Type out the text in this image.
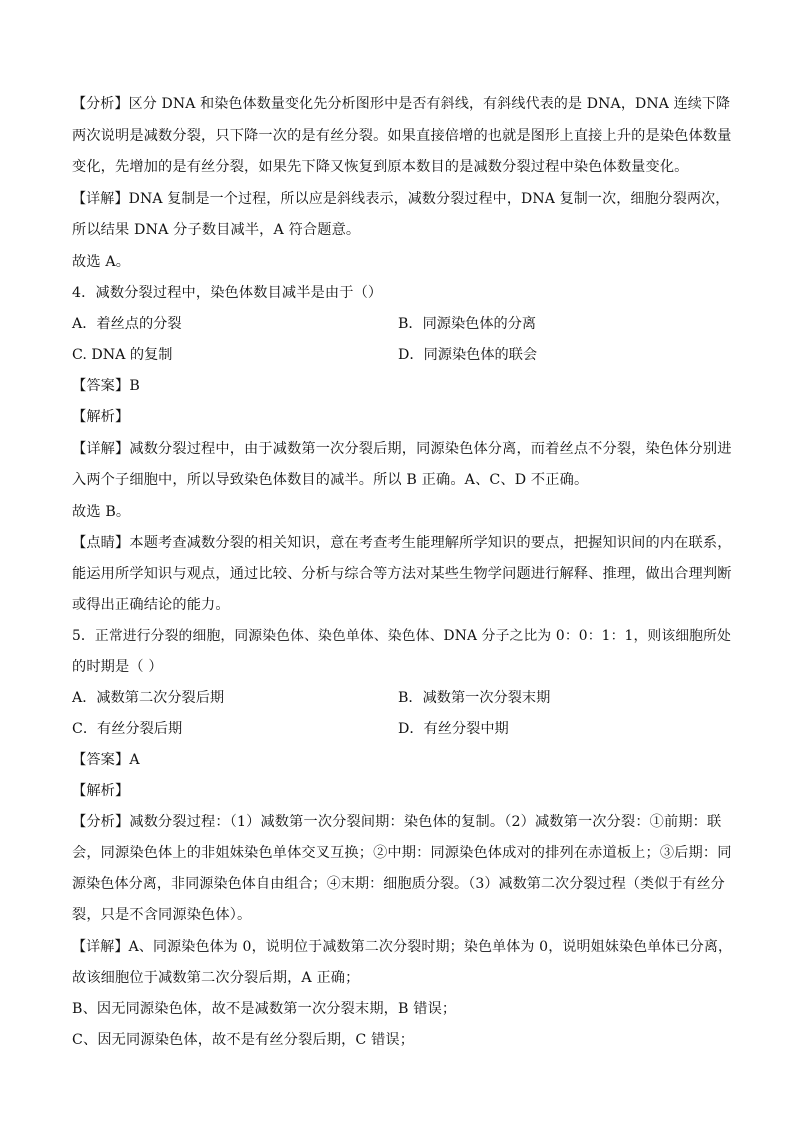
【分析】区分 DNA 和染色体数量变化先分析图形中是否有斜线，有斜线代表的是 DNA，DNA 连续下降
两次说明是减数分裂，只下降一次的是有丝分裂。如果直接倍增的也就是图形上直接上升的是染色体数量
变化，先增加的是有丝分裂，如果先下降又恢复到原本数目的是减数分裂过程中染色体数量变化。
【详解】DNA 复制是一个过程，所以应是斜线表示，减数分裂过程中，DNA 复制一次，细胞分裂两次，
所以结果 DNA 分子数目减半，A 符合题意。
故选 A。
4．减数分裂过程中，染色体数目减半是由于（）
A．着丝点的分裂	B．同源染色体的分离
C. DNA 的复制	D．同源染色体的联会
【答案】B
【解析】
【详解】减数分裂过程中，由于减数第一次分裂后期，同源染色体分离，而着丝点不分裂，染色体分别进
入两个子细胞中，所以导致染色体数目的减半。所以 B 正确。A、C、D 不正确。
故选 B。
【点睛】本题考查减数分裂的相关知识，意在考查考生能理解所学知识的要点，把握知识间的内在联系，
能运用所学知识与观点，通过比较、分析与综合等方法对某些生物学问题进行解释、推理，做出合理判断
或得出正确结论的能力。
5．正常进行分裂的细胞，同源染色体、染色单体、染色体、DNA 分子之比为 0：0：1：1，则该细胞所处
的时期是（ ）
A．减数第二次分裂后期	B．减数第一次分裂末期
C．有丝分裂后期	D．有丝分裂中期
【答案】A
【解析】
【分析】减数分裂过程：（1）减数第一次分裂间期：染色体的复制。（2）减数第一次分裂：①前期：联
会，同源染色体上的非姐妹染色单体交叉互换；②中期：同源染色体成对的排列在赤道板上；③后期：同
源染色体分离，非同源染色体自由组合；④末期：细胞质分裂。（3）减数第二次分裂过程（类似于有丝分
裂，只是不含同源染色体）。
【详解】A、同源染色体为 0，说明位于减数第二次分裂时期；染色单体为 0，说明姐妹染色单体已分离，
故该细胞位于减数第二次分裂后期，A 正确；
B、因无同源染色体，故不是减数第一次分裂末期，B 错误；
C、因无同源染色体，故不是有丝分裂后期，C 错误；
